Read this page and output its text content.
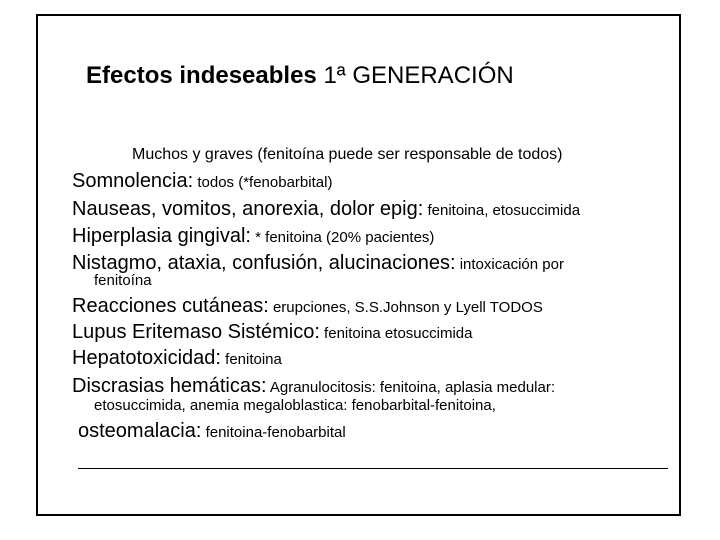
Efectos indeseables 1ª GENERACIÓN
Muchos y graves (fenitoína puede ser responsable de todos)
Somnolencia: todos (*fenobarbital)
Nauseas, vomitos, anorexia, dolor epig: fenitoina, etosuccimida
Hiperplasia gingival: * fenitoina (20% pacientes)
Nistagmo, ataxia, confusión, alucinaciones: intoxicación por
fenitoína
Reacciones cutáneas: erupciones, S.S.Johnson y Lyell TODOS
Lupus Eritemaso Sistémico: fenitoina etosuccimida
Hepatotoxicidad: fenitoina
Discrasias hemáticas: Agranulocitosis: fenitoina, aplasia medular:
etosuccimida, anemia megaloblastica: fenobarbital-fenitoina,
osteomalacia: fenitoina-fenobarbital
